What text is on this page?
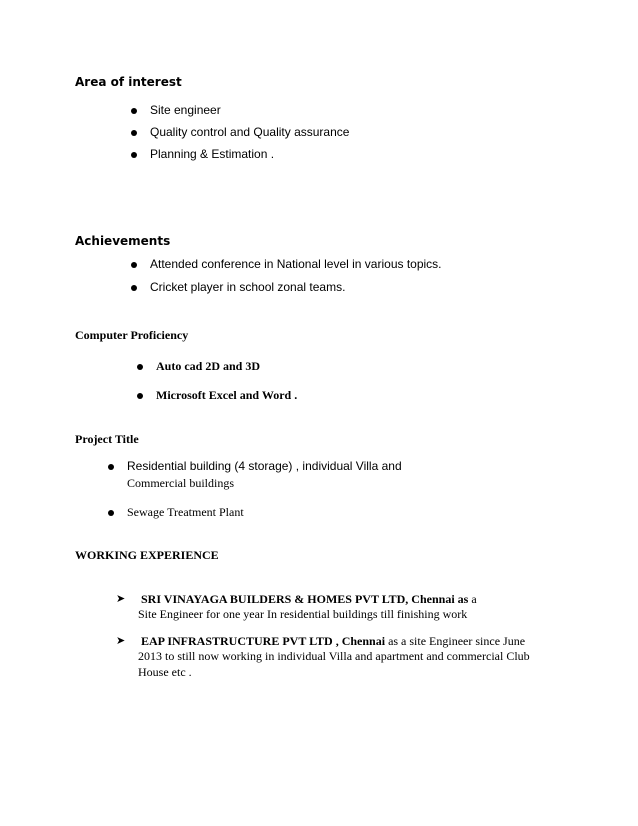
Area of interest
Site engineer
Quality control and Quality assurance
Planning & Estimation .
Achievements
Attended conference in National level in various topics.
Cricket player in school zonal teams.
Computer Proficiency
Auto cad 2D and 3D
Microsoft Excel and Word .
Project Title
Residential building (4 storage) , individual Villa and
Commercial buildings
Sewage Treatment Plant
WORKING EXPERIENCE
➤ SRI VINAYAGA BUILDERS & HOMES PVT LTD, Chennai as a
Site Engineer for one year In residential buildings till finishing work
➤ EAP INFRASTRUCTURE PVT LTD , Chennai as a site Engineer since June
2013 to still now working in individual Villa and apartment and commercial Club
House etc .
